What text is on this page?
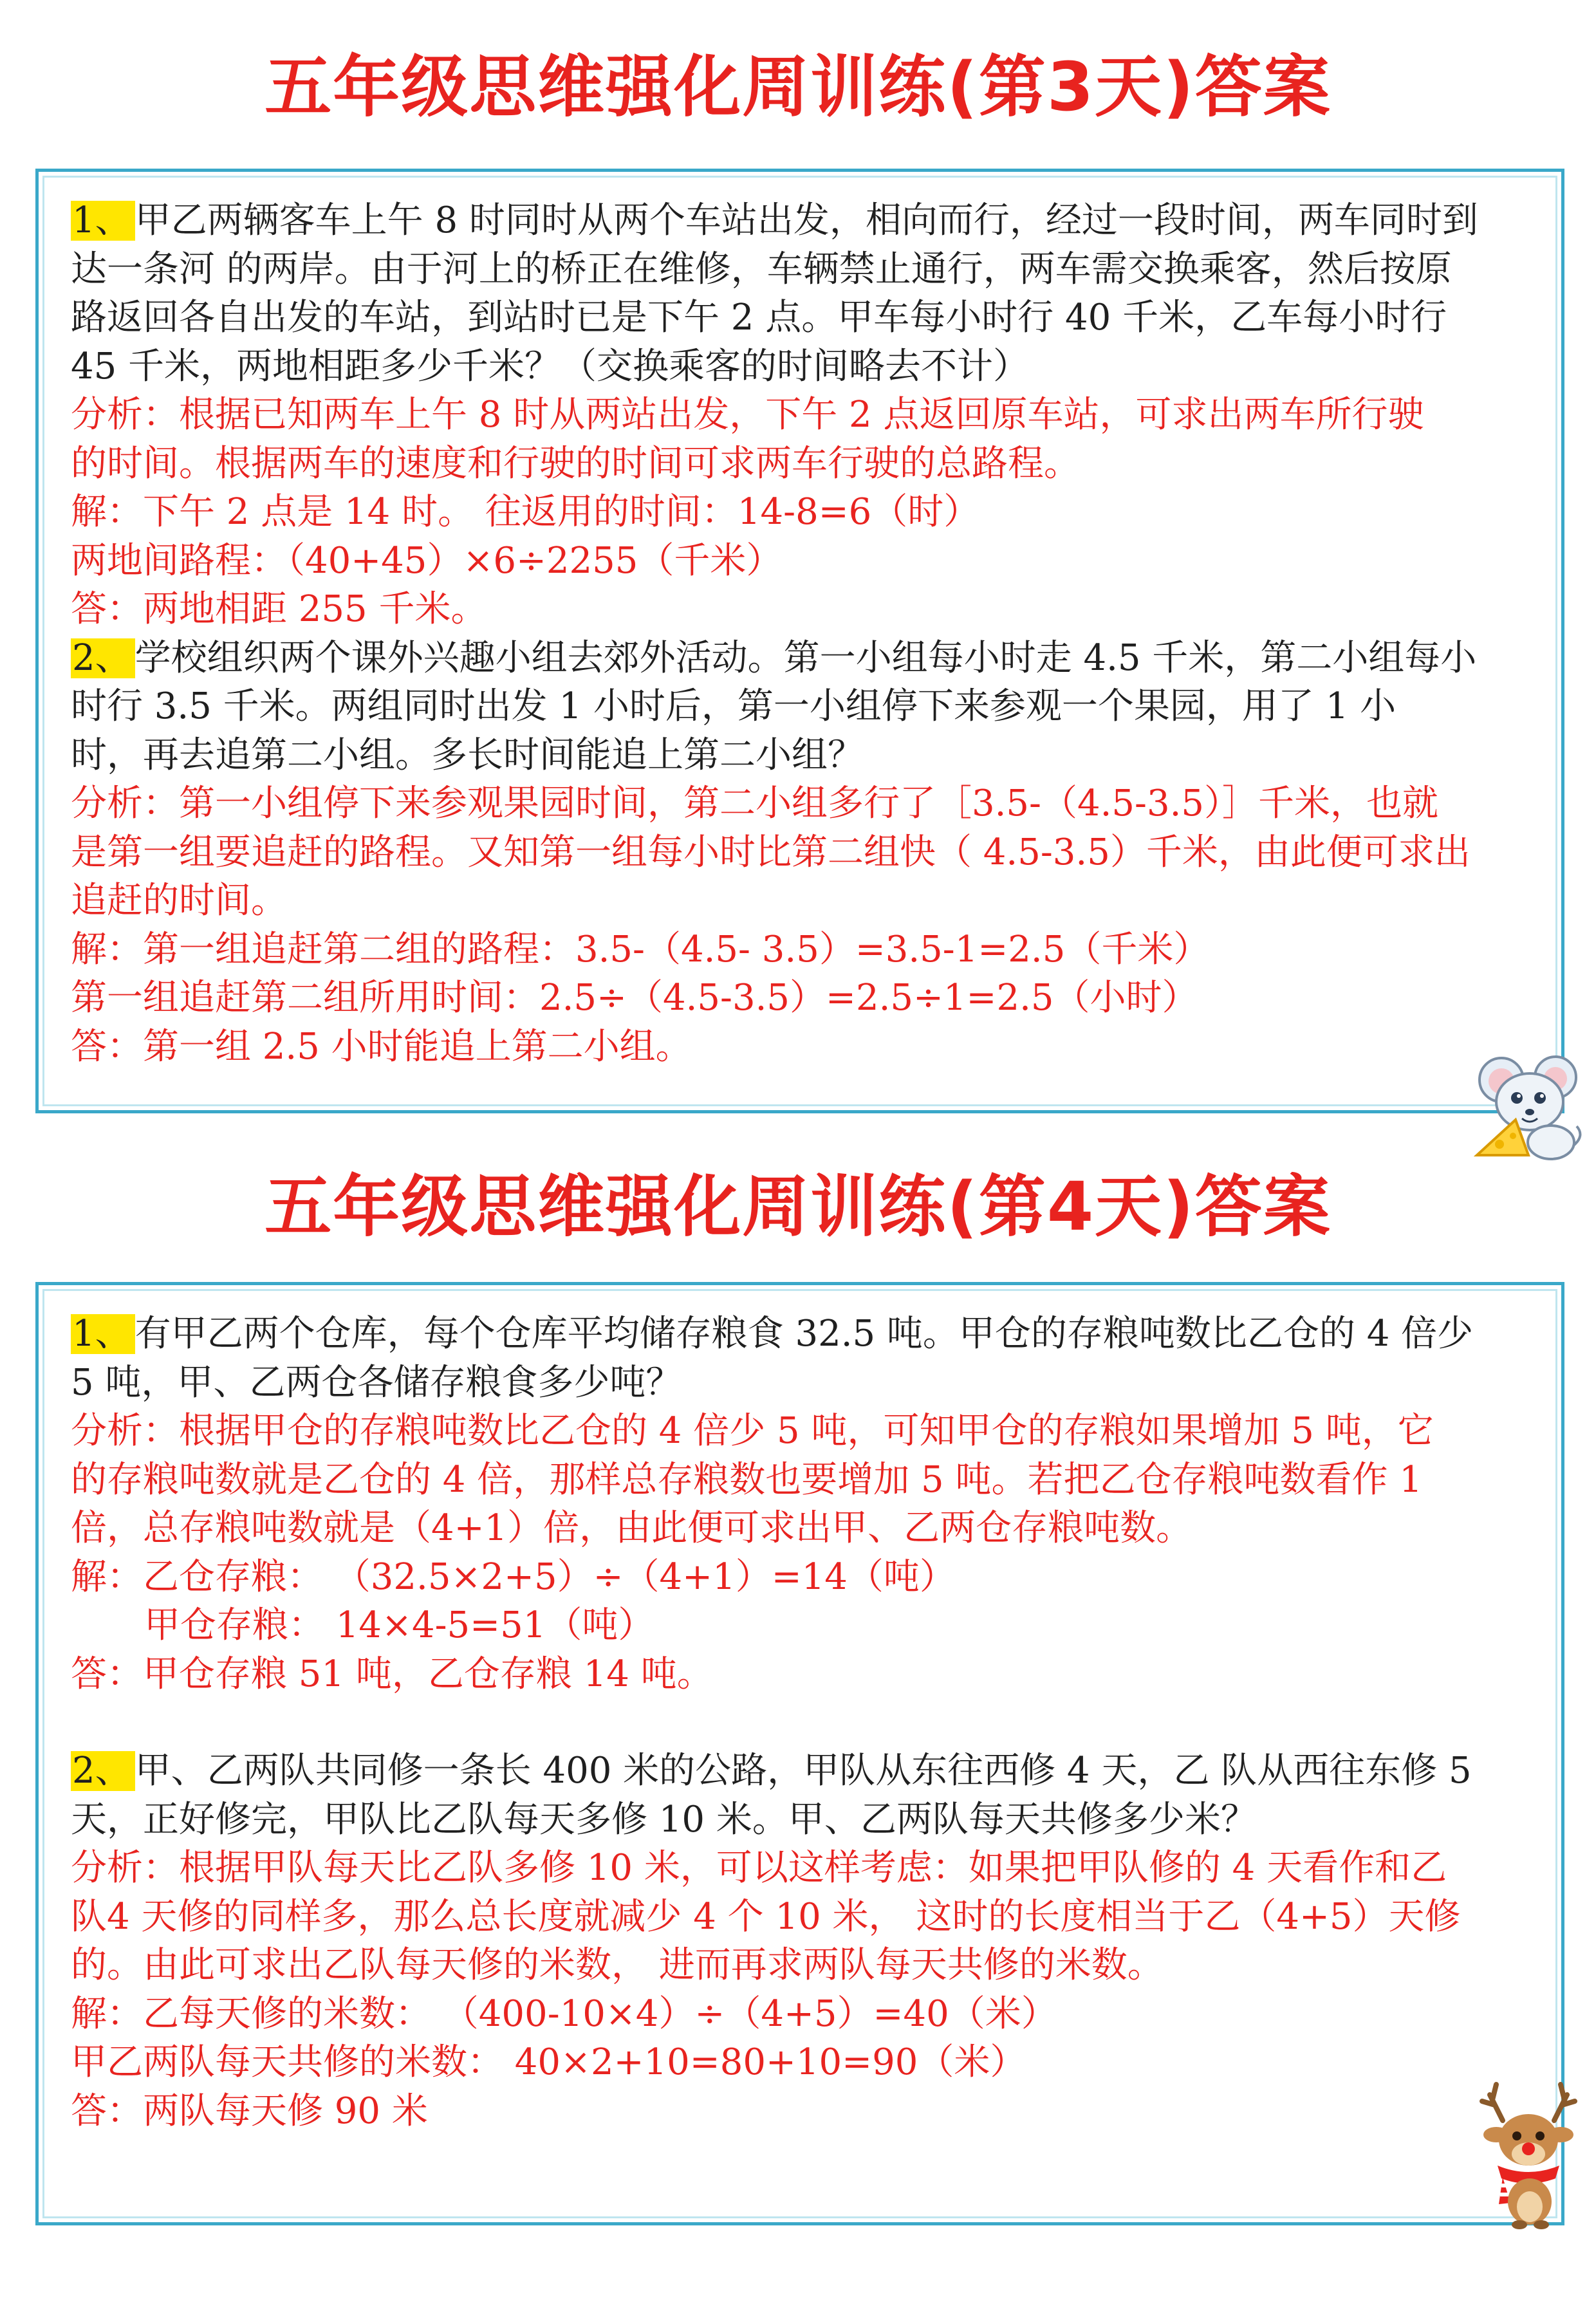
五年级思维强化周训练(第3天)答案

1、 甲乙两辆客车上午 8 时同时从两个车站出发，相向而行，经过一段时间，两车同时到

达一条河 的两岸。由于河上的桥正在维修，车辆禁止通行，两车需交换乘客，然后按原

路返回各自出发的车站，到站时已是下午 2 点。甲车每小时行 40 千米，乙车每小时行

45 千米，两地相距多少千米？（交换乘客的时间略去不计）

分析：根据已知两车上午 8 时从两站出发，下午 2 点返回原车站，可求出两车所行驶

的时间。根据两车的速度和行驶的时间可求两车行驶的总路程。

解：下午 2 点是 14 时。 往返用的时间：14-8=6（时）

两地间路程：（40+45）×6÷2255（千米）

答：两地相距 255 千米。

2、 学校组织两个课外兴趣小组去郊外活动。第一小组每小时走 4.5 千米，第二小组每小

时行 3.5 千米。两组同时出发 1 小时后，第一小组停下来参观一个果园，用了 1 小

时，再去追第二小组。多长时间能追上第二小组？

分析：第一小组停下来参观果园时间，第二小组多行了［3.5-（4.5-3.5）］千米，也就

是第一组要追赶的路程。又知第一组每小时比第二组快（ 4.5-3.5）千米，由此便可求出

追赶的时间。

解：第一组追赶第二组的路程：3.5-（4.5- 3.5）=3.5-1=2.5（千米）

第一组追赶第二组所用时间：2.5÷（4.5-3.5）=2.5÷1=2.5（小时）

答：第一组 2.5 小时能追上第二小组。

五年级思维强化周训练(第4天)答案

1、 有甲乙两个仓库，每个仓库平均储存粮食 32.5 吨。甲仓的存粮吨数比乙仓的 4 倍少

5 吨，甲、乙两仓各储存粮食多少吨？

分析：根据甲仓的存粮吨数比乙仓的 4 倍少 5 吨，可知甲仓的存粮如果增加 5 吨，它

的存粮吨数就是乙仓的 4 倍，那样总存粮数也要增加 5 吨。若把乙仓存粮吨数看作 1

倍，总存粮吨数就是（4+1）倍，由此便可求出甲、乙两仓存粮吨数。

解：乙仓存粮： （32.5×2+5）÷（4+1）=14（吨）

甲仓存粮： 14×4-5=51（吨）

答：甲仓存粮 51 吨，乙仓存粮 14 吨。

2、 甲、乙两队共同修一条长 400 米的公路，甲队从东往西修 4 天，乙 队从西往东修 5

天，正好修完，甲队比乙队每天多修 10 米。甲、乙两队每天共修多少米？

分析：根据甲队每天比乙队多修 10 米，可以这样考虑：如果把甲队修的 4 天看作和乙

队4 天修的同样多，那么总长度就减少 4 个 10 米， 这时的长度相当于乙（4+5）天修

的。由此可求出乙队每天修的米数， 进而再求两队每天共修的米数。

解：乙每天修的米数： （400-10×4）÷（4+5）=40（米）

甲乙两队每天共修的米数： 40×2+10=80+10=90（米）

答：两队每天修 90 米
